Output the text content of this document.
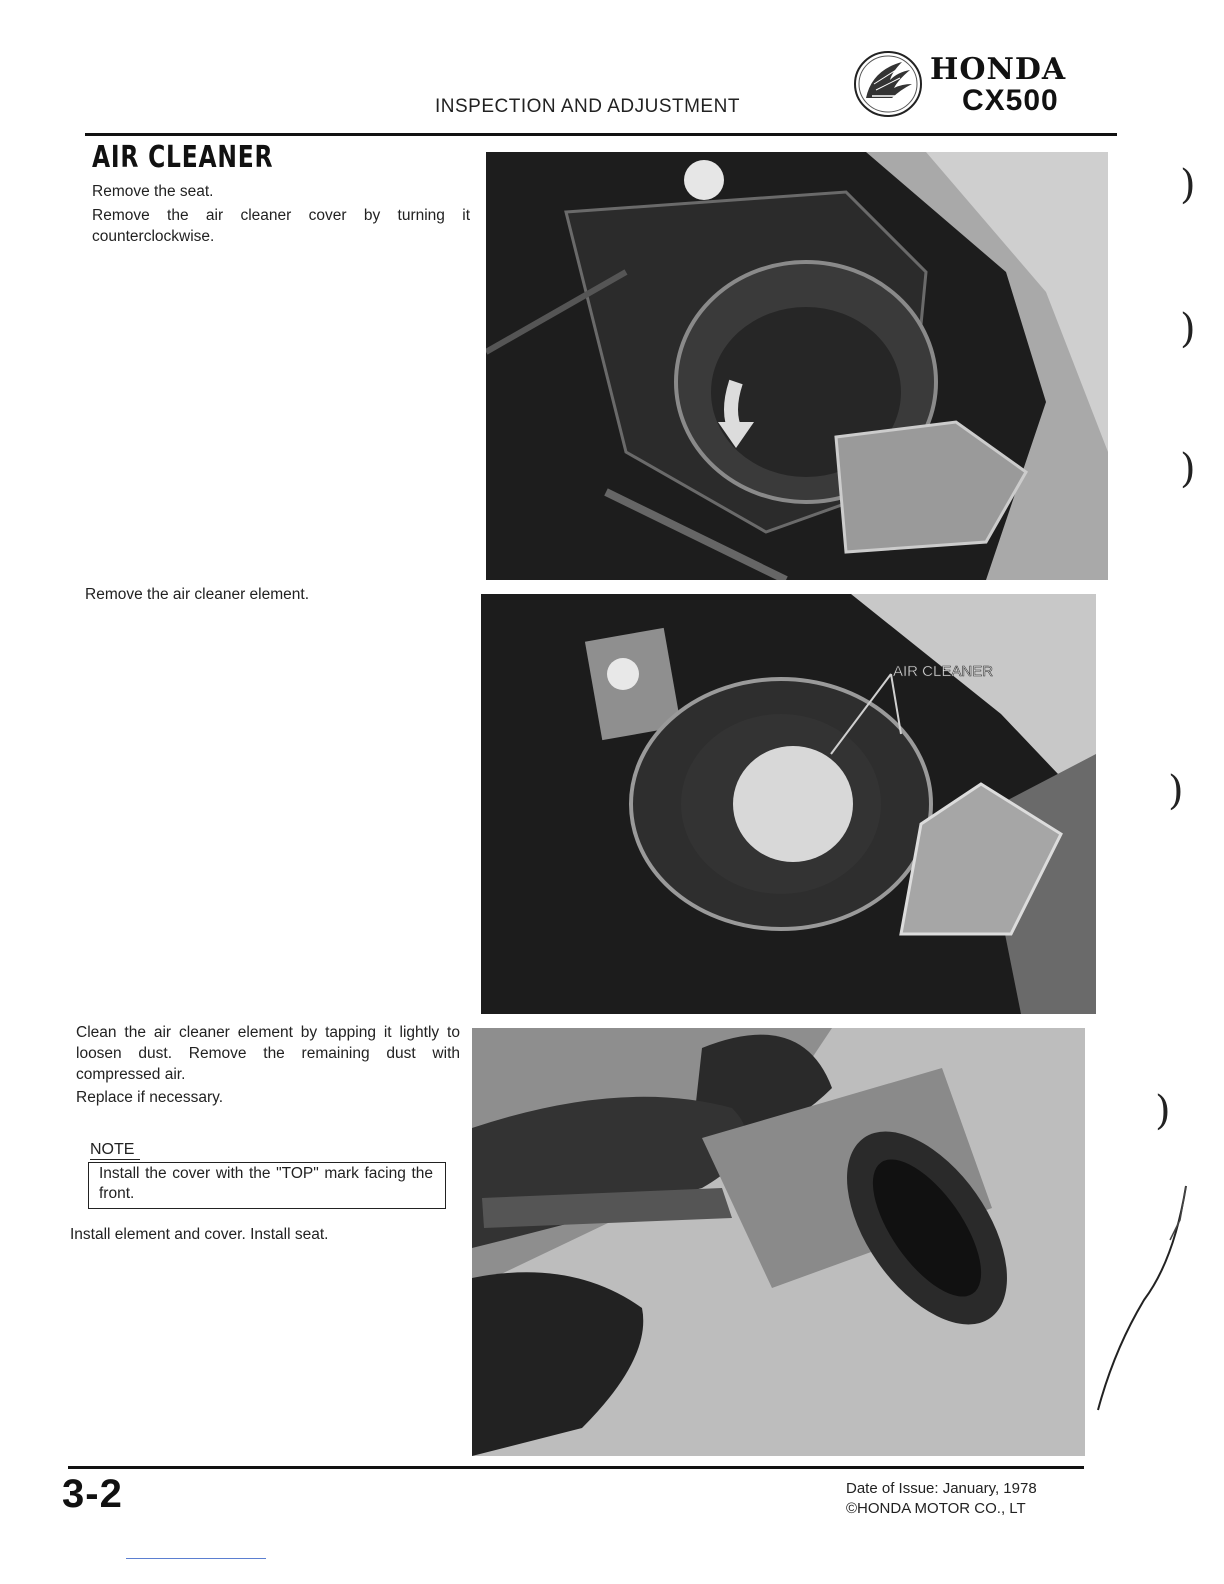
INSPECTION AND ADJUSTMENT
HONDA
CX500
AIR CLEANER
Remove the seat.
Remove the air cleaner cover by turning it counterclockwise.
Remove the air cleaner element.
Clean the air cleaner element by tapping it lightly to loosen dust. Remove the remaining dust with compressed air.
Replace if necessary.
NOTE
Install the cover with the "TOP" mark facing the front.
Install element and cover. Install seat.
AIR CLEANER
)
)
)
)
)
3-2	Date of Issue: January, 1978
©HONDA MOTOR CO., LT
